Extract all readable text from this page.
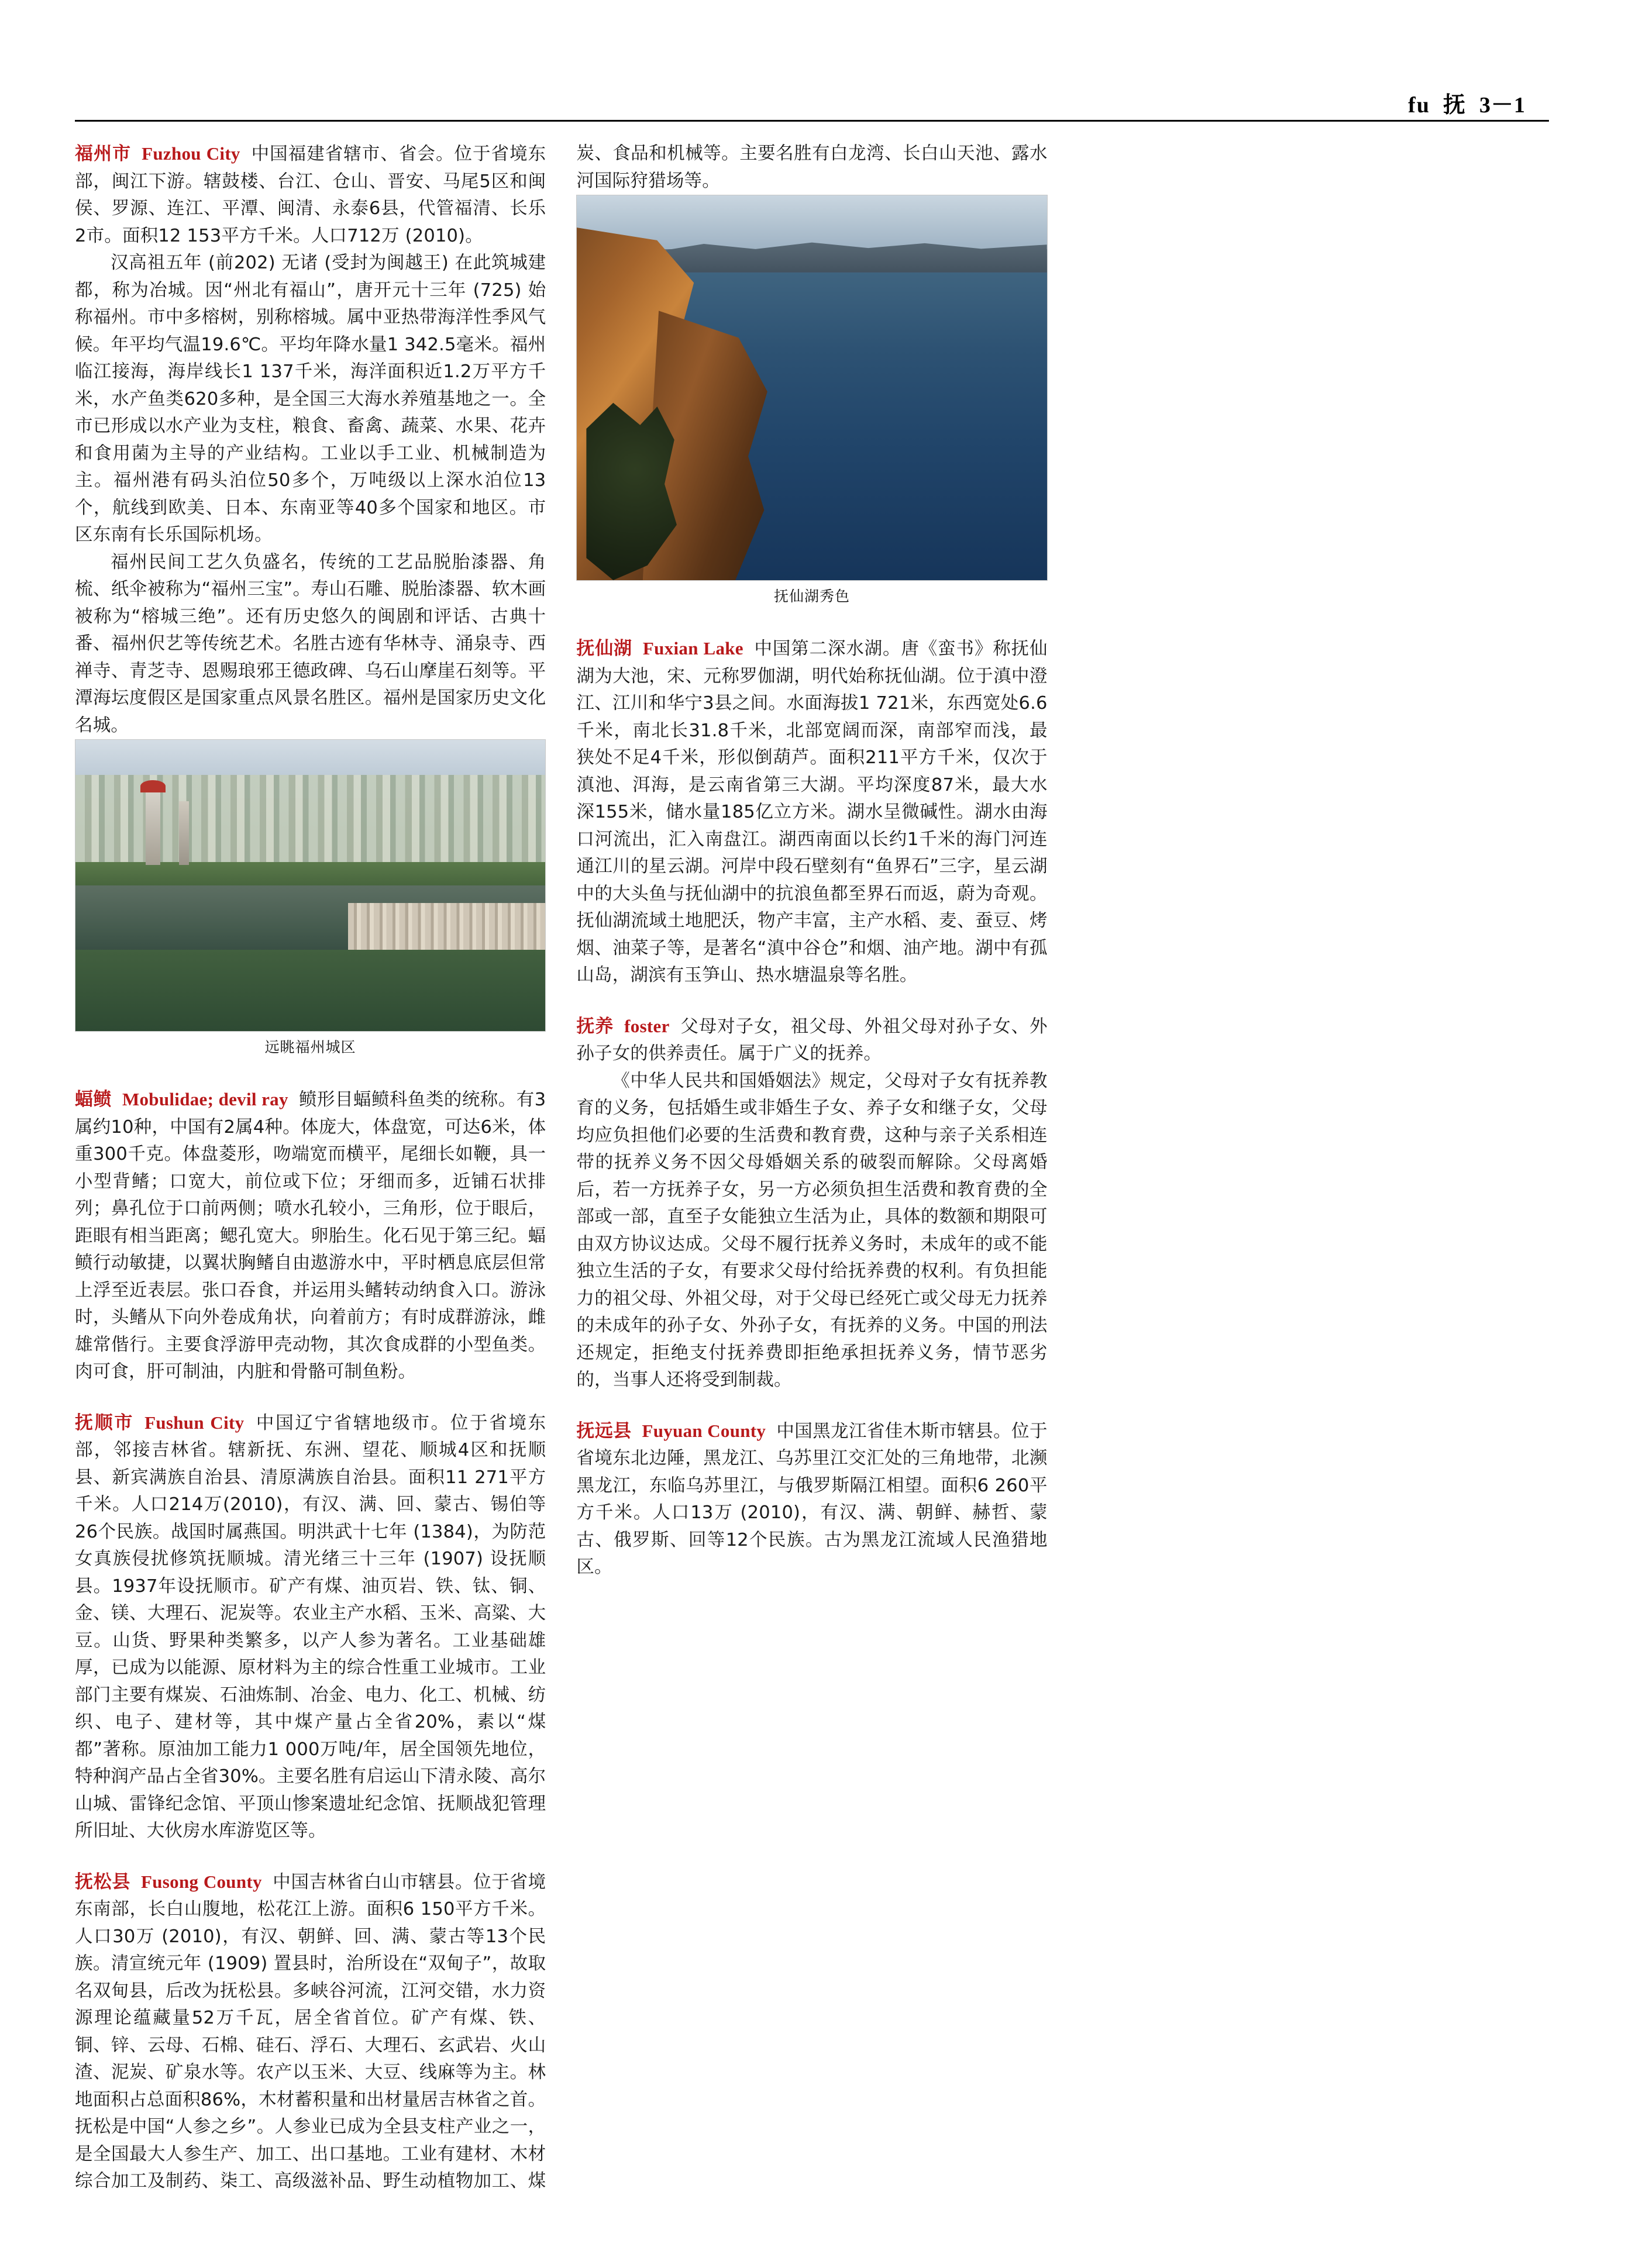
fu 抚 3－1

福州市 Fuzhou City 中国福建省辖市、省会。位于省境东部，闽江下游。辖鼓楼、台江、仓山、晋安、马尾5区和闽侯、罗源、连江、平潭、闽清、永泰6县，代管福清、长乐2市。面积12 153平方千米。人口712万 (2010)。

汉高祖五年 (前202) 无诸 (受封为闽越王) 在此筑城建都，称为冶城。因“州北有福山”，唐开元十三年 (725) 始称福州。市中多榕树，别称榕城。属中亚热带海洋性季风气候。年平均气温19.6℃。平均年降水量1 342.5毫米。福州临江接海，海岸线长1 137千米，海洋面积近1.2万平方千米，水产鱼类620多种，是全国三大海水养殖基地之一。全市已形成以水产业为支柱，粮食、畜禽、蔬菜、水果、花卉和食用菌为主导的产业结构。工业以手工业、机械制造为主。福州港有码头泊位50多个，万吨级以上深水泊位13个，航线到欧美、日本、东南亚等40多个国家和地区。市区东南有长乐国际机场。

福州民间工艺久负盛名，传统的工艺品脱胎漆器、角梳、纸伞被称为“福州三宝”。寿山石雕、脱胎漆器、软木画被称为“榕城三绝”。还有历史悠久的闽剧和评话、古典十番、福州伬艺等传统艺术。名胜古迹有华林寺、涌泉寺、西禅寺、青芝寺、恩赐琅邪王德政碑、乌石山摩崖石刻等。平潭海坛度假区是国家重点风景名胜区。福州是国家历史文化名城。

远眺福州城区

蝠鲼 Mobulidae; devil ray 鲼形目蝠鲼科鱼类的统称。有3属约10种，中国有2属4种。体庞大，体盘宽，可达6米，体重300千克。体盘菱形，吻端宽而横平，尾细长如鞭，具一小型背鳍；口宽大，前位或下位；牙细而多，近铺石状排列；鼻孔位于口前两侧；喷水孔较小，三角形，位于眼后，距眼有相当距离；鳃孔宽大。卵胎生。化石见于第三纪。蝠鲼行动敏捷，以翼状胸鳍自由遨游水中，平时栖息底层但常上浮至近表层。张口吞食，并运用头鳍转动纳食入口。游泳时，头鳍从下向外卷成角状，向着前方；有时成群游泳，雌雄常偕行。主要食浮游甲壳动物，其次食成群的小型鱼类。肉可食，肝可制油，内脏和骨骼可制鱼粉。

抚顺市 Fushun City 中国辽宁省辖地级市。位于省境东部，邻接吉林省。辖新抚、东洲、望花、顺城4区和抚顺县、新宾满族自治县、清原满族自治县。面积11 271平方千米。人口214万(2010)，有汉、满、回、蒙古、锡伯等26个民族。战国时属燕国。明洪武十七年 (1384)，为防范女真族侵扰修筑抚顺城。清光绪三十三年 (1907) 设抚顺县。1937年设抚顺市。矿产有煤、油页岩、铁、钛、铜、金、镁、大理石、泥炭等。农业主产水稻、玉米、高粱、大豆。山货、野果种类繁多，以产人参为著名。工业基础雄厚，已成为以能源、原材料为主的综合性重工业城市。工业部门主要有煤炭、石油炼制、冶金、电力、化工、机械、纺织、电子、建材等，其中煤产量占全省20%，素以“煤都”著称。原油加工能力1 000万吨/年，居全国领先地位，特种润产品占全省30%。主要名胜有启运山下清永陵、高尔山城、雷锋纪念馆、平顶山惨案遗址纪念馆、抚顺战犯管理所旧址、大伙房水库游览区等。

抚松县 Fusong County 中国吉林省白山市辖县。位于省境东南部，长白山腹地，松花江上游。面积6 150平方千米。人口30万 (2010)，有汉、朝鲜、回、满、蒙古等13个民族。清宣统元年 (1909) 置县时，治所设在“双甸子”，故取名双甸县，后改为抚松县。多峡谷河流，江河交错，水力资源理论蕴藏量52万千瓦，居全省首位。矿产有煤、铁、铜、锌、云母、石棉、硅石、浮石、大理石、玄武岩、火山渣、泥炭、矿泉水等。农产以玉米、大豆、线麻等为主。林地面积占总面积86%，木材蓄积量和出材量居吉林省之首。抚松是中国“人参之乡”。人参业已成为全县支柱产业之一，是全国最大人参生产、加工、出口基地。工业有建材、木材综合加工及制药、柒工、高级滋补品、野生动植物加工、煤炭、食品和机械等。主要名胜有白龙湾、长白山天池、露水河国际狩猎场等。

抚仙湖秀色

抚仙湖 Fuxian Lake 中国第二深水湖。唐《蛮书》称抚仙湖为大池，宋、元称罗伽湖，明代始称抚仙湖。位于滇中澄江、江川和华宁3县之间。水面海拔1 721米，东西宽处6.6千米，南北长31.8千米，北部宽阔而深，南部窄而浅，最狭处不足4千米，形似倒葫芦。面积211平方千米，仅次于滇池、洱海，是云南省第三大湖。平均深度87米，最大水深155米，储水量185亿立方米。湖水呈微碱性。湖水由海口河流出，汇入南盘江。湖西南面以长约1千米的海门河连通江川的星云湖。河岸中段石壁刻有“鱼界石”三字，星云湖中的大头鱼与抚仙湖中的抗浪鱼都至界石而返，蔚为奇观。抚仙湖流域土地肥沃，物产丰富，主产水稻、麦、蚕豆、烤烟、油菜子等，是著名“滇中谷仓”和烟、油产地。湖中有孤山岛，湖滨有玉笋山、热水塘温泉等名胜。

抚养 foster 父母对子女，祖父母、外祖父母对孙子女、外孙子女的供养责任。属于广义的抚养。

《中华人民共和国婚姻法》规定，父母对子女有抚养教育的义务，包括婚生或非婚生子女、养子女和继子女，父母均应负担他们必要的生活费和教育费，这种与亲子关系相连带的抚养义务不因父母婚姻关系的破裂而解除。父母离婚后，若一方抚养子女，另一方必须负担生活费和教育费的全部或一部，直至子女能独立生活为止，具体的数额和期限可由双方协议达成。父母不履行抚养义务时，未成年的或不能独立生活的子女，有要求父母付给抚养费的权利。有负担能力的祖父母、外祖父母，对于父母已经死亡或父母无力抚养的未成年的孙子女、外孙子女，有抚养的义务。中国的刑法还规定，拒绝支付抚养费即拒绝承担抚养义务，情节恶劣的，当事人还将受到制裁。

抚远县 Fuyuan County 中国黑龙江省佳木斯市辖县。位于省境东北边陲，黑龙江、乌苏里江交汇处的三角地带，北濒黑龙江，东临乌苏里江，与俄罗斯隔江相望。面积6 260平方千米。人口13万 (2010)，有汉、满、朝鲜、赫哲、蒙古、俄罗斯、回等12个民族。古为黑龙江流域人民渔猎地区。
